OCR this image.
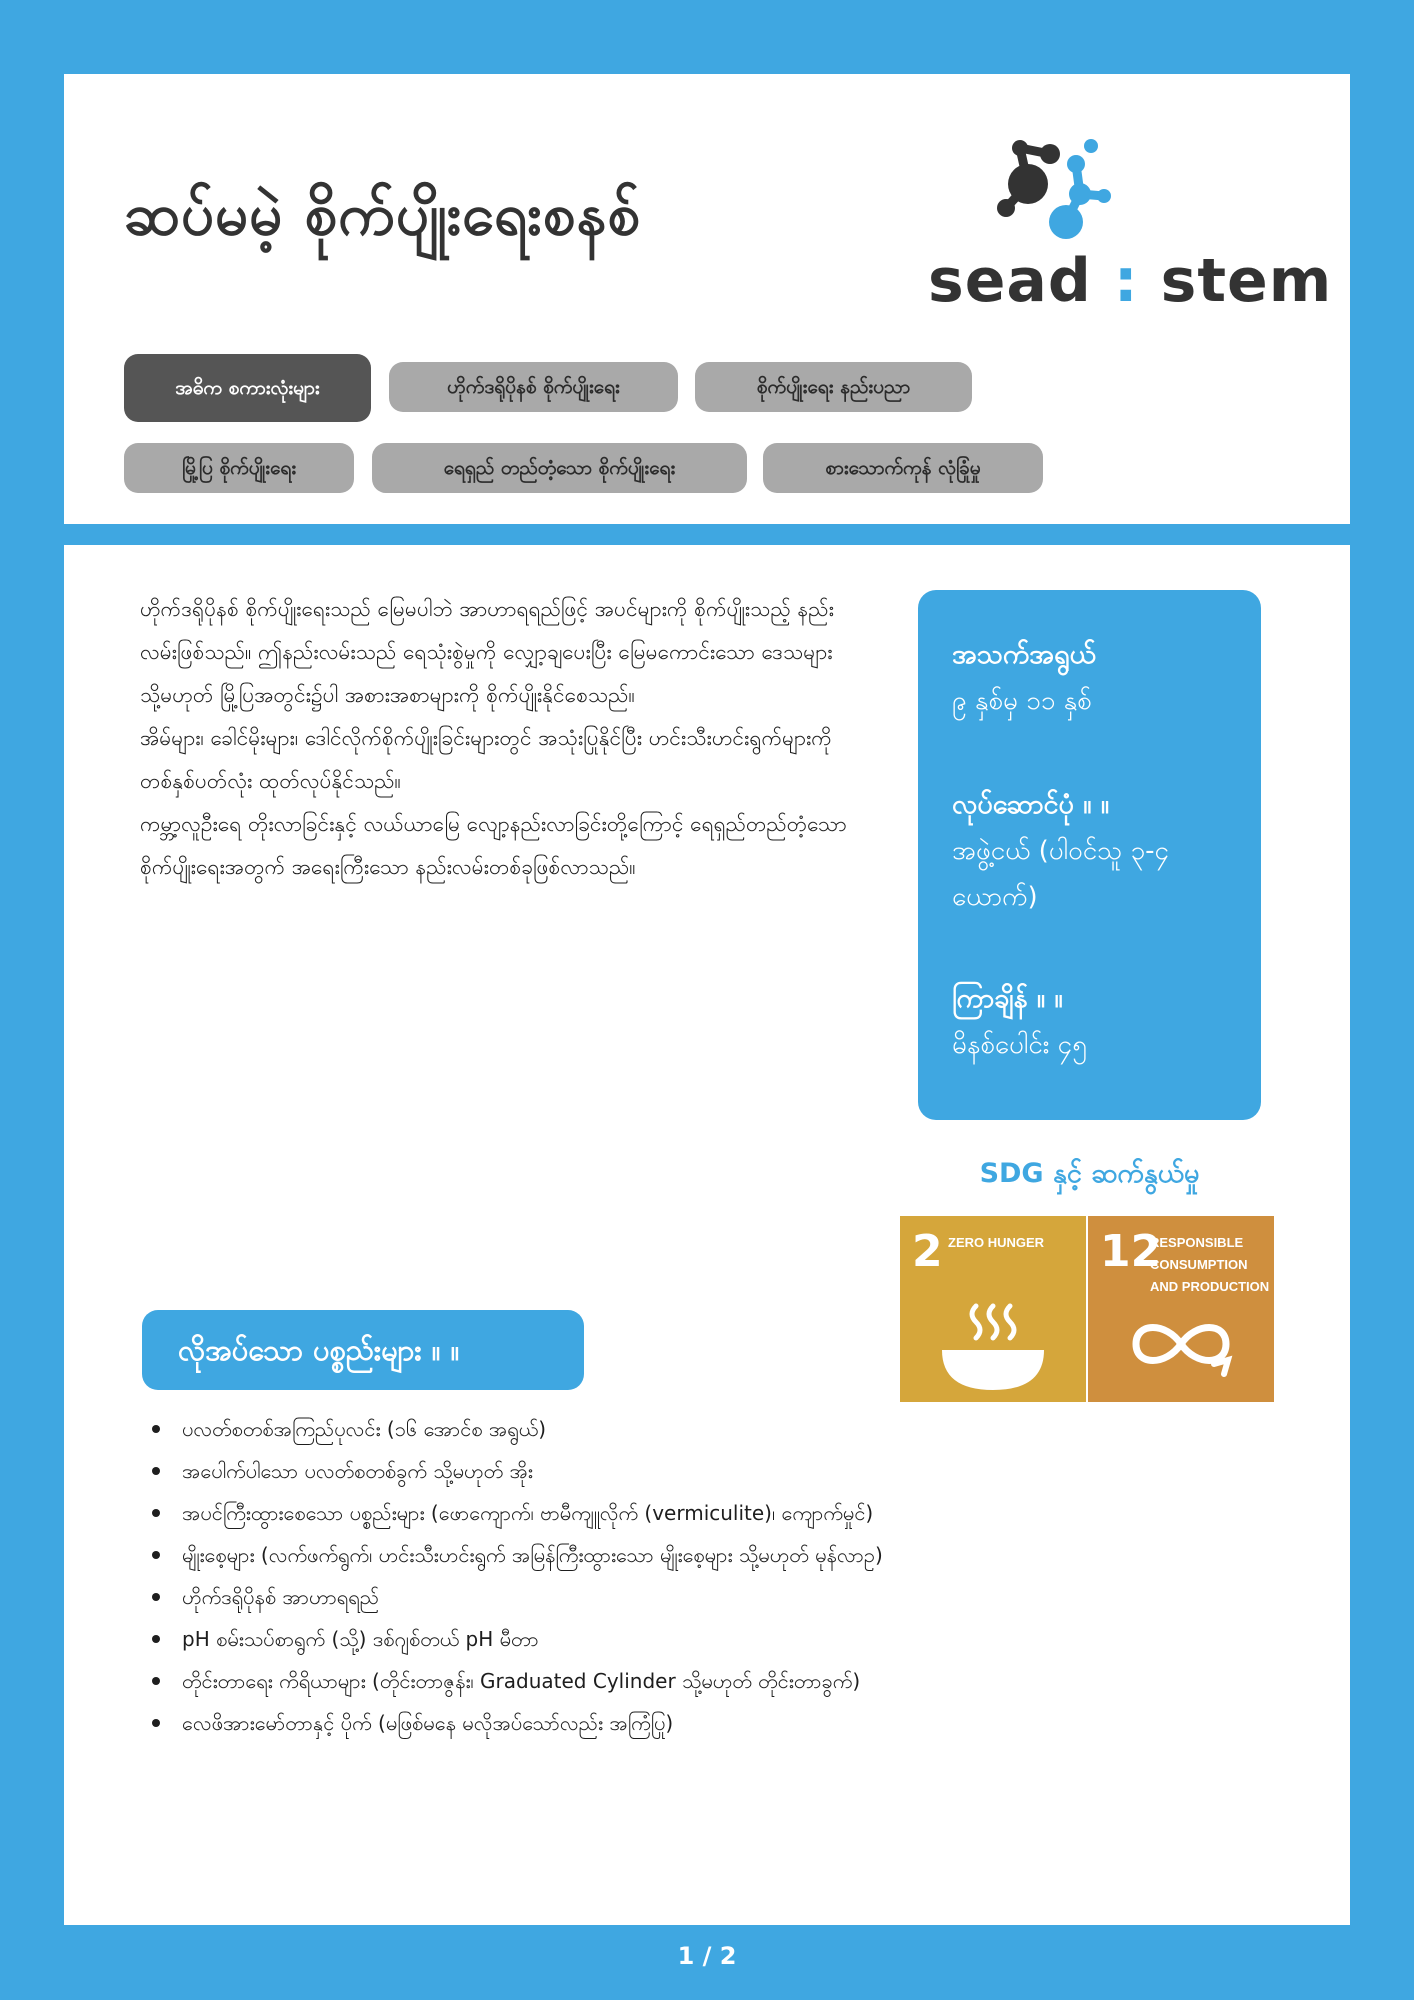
ဆပ်မမဲ့ စိုက်ပျိုးရေးစနစ်
sead : stem
အဓိက စကားလုံးများ	ဟိုက်ဒရိုပိုနစ် စိုက်ပျိုးရေး	စိုက်ပျိုးရေး နည်းပညာ
မြို့ပြ စိုက်ပျိုးရေး	ရေရှည် တည်တံ့သော စိုက်ပျိုးရေး	စားသောက်ကုန် လုံခြုံမှု

ဟိုက်ဒရိုပိုနစ် စိုက်ပျိုးရေးသည် မြေမပါဘဲ အာဟာရရည်ဖြင့် အပင်များကို စိုက်ပျိုးသည့် နည်းလမ်းဖြစ်သည်။ ဤနည်းလမ်းသည် ရေသုံးစွဲမှုကို လျှော့ချပေးပြီး မြေမကောင်းသော ဒေသများ သို့မဟုတ် မြို့ပြအတွင်း၌ပါ အစားအစာများကို စိုက်ပျိုးနိုင်စေသည်။

အိမ်များ၊ ခေါင်မိုးများ၊ ဒေါင်လိုက်စိုက်ပျိုးခြင်းများတွင် အသုံးပြုနိုင်ပြီး ဟင်းသီးဟင်းရွက်များကို တစ်နှစ်ပတ်လုံး ထုတ်လုပ်နိုင်သည်။

ကမ္ဘာ့လူဦးရေ တိုးလာခြင်းနှင့် လယ်ယာမြေ လျော့နည်းလာခြင်းတို့ကြောင့် ရေရှည်တည်တံ့သော စိုက်ပျိုးရေးအတွက် အရေးကြီးသော နည်းလမ်းတစ်ခုဖြစ်လာသည်။

အသက်အရွယ်
၉ နှစ်မှ ၁၁ နှစ်
လုပ်ဆောင်ပုံ ။ ။
အဖွဲ့ငယ် (ပါဝင်သူ ၃-၄ ယောက်)
ကြာချိန် ။ ။
မိနစ်ပေါင်း ၄၅
SDG နှင့် ဆက်နွယ်မှု
2 ZERO HUNGER	12
RESPONSIBLE CONSUMPTION AND PRODUCTION
လိုအပ်သော ပစ္စည်းများ ။ ။
ပလတ်စတစ်အကြည်ပုလင်း (၁၆ အောင်စ အရွယ်)
အပေါက်ပါသော ပလတ်စတစ်ခွက် သို့မဟုတ် အိုး
အပင်ကြီးထွားစေသော ပစ္စည်းများ (ဖောကျောက်၊ ဗာမီကျူလိုက် (vermiculite)၊ ကျောက်မှုင်)
မျိုးစေ့များ (လက်ဖက်ရွက်၊ ဟင်းသီးဟင်းရွက် အမြန်ကြီးထွားသော မျိုးစေ့များ သို့မဟုတ် မုန်လာဥ)
ဟိုက်ဒရိုပိုနစ် အာဟာရရည်
pH စမ်းသပ်စာရွက် (သို့) ဒစ်ဂျစ်တယ် pH မီတာ
တိုင်းတာရေး ကိရိယာများ (တိုင်းတာဇွန်း၊ Graduated Cylinder သို့မဟုတ် တိုင်းတာခွက်)
လေဖိအားမော်တာနှင့် ပိုက် (မဖြစ်မနေ မလိုအပ်သော်လည်း အကြံပြု)
1 / 2
